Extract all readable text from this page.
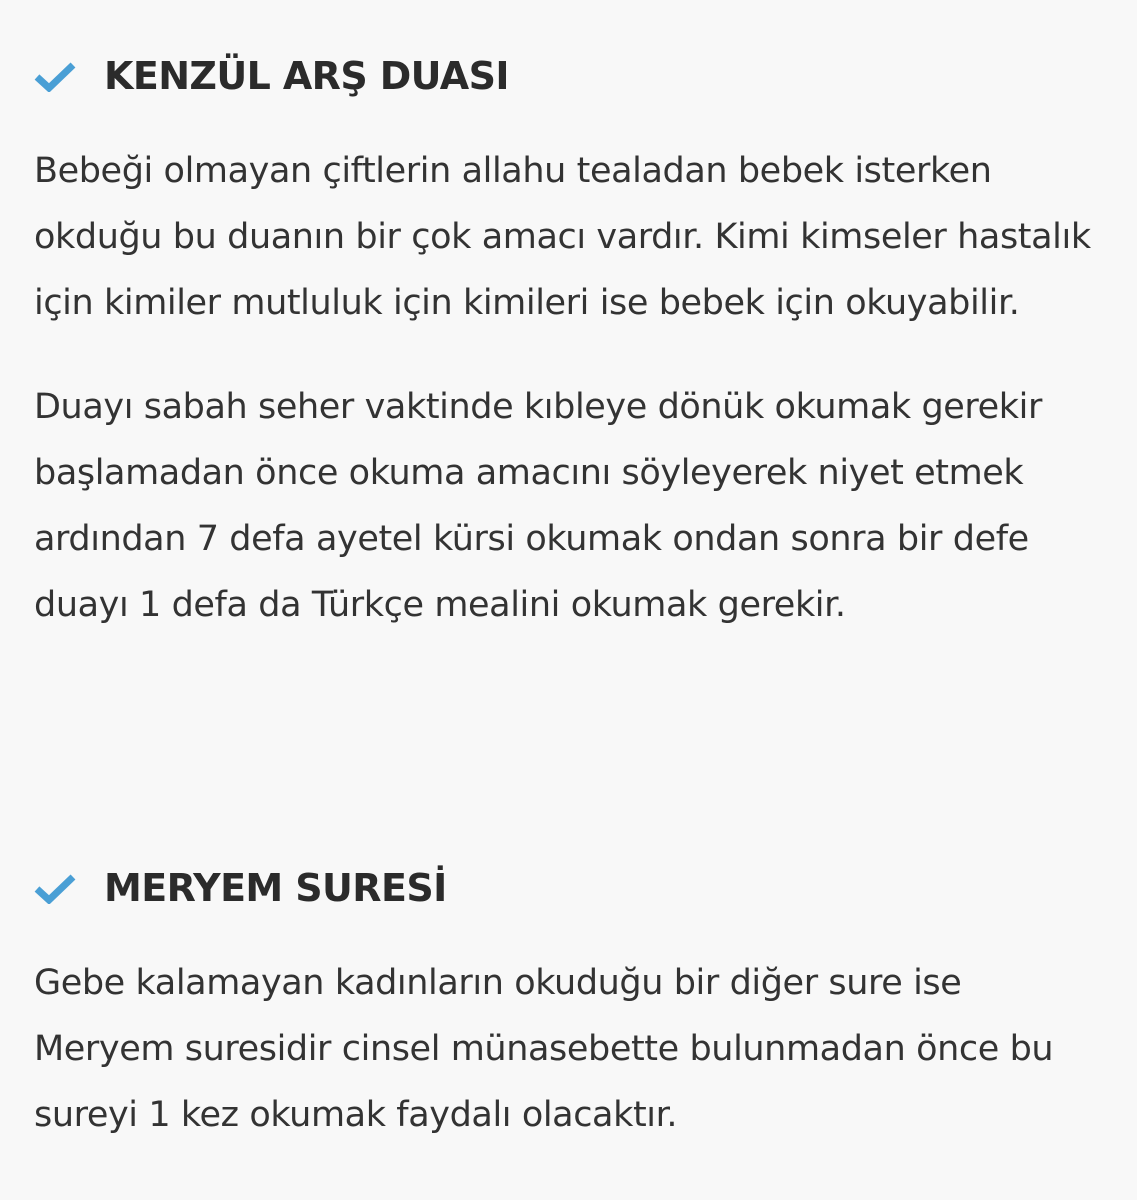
KENZÜL ARŞ DUASI

Bebeği olmayan çiftlerin allahu tealadan bebek isterken okduğu bu duanın bir çok amacı vardır. Kimi kimseler hastalık için kimiler mutluluk için kimileri ise bebek için okuyabilir.

Duayı sabah seher vaktinde kıbleye dönük okumak gerekir başlamadan önce okuma amacını söyleyerek niyet etmek ardından 7 defa ayetel kürsi okumak ondan sonra bir defe duayı 1 defa da Türkçe mealini okumak gerekir.

MERYEM SURESİ

Gebe kalamayan kadınların okuduğu bir diğer sure ise Meryem suresidir cinsel münasebette bulunmadan önce bu sureyi 1 kez okumak faydalı olacaktır.
